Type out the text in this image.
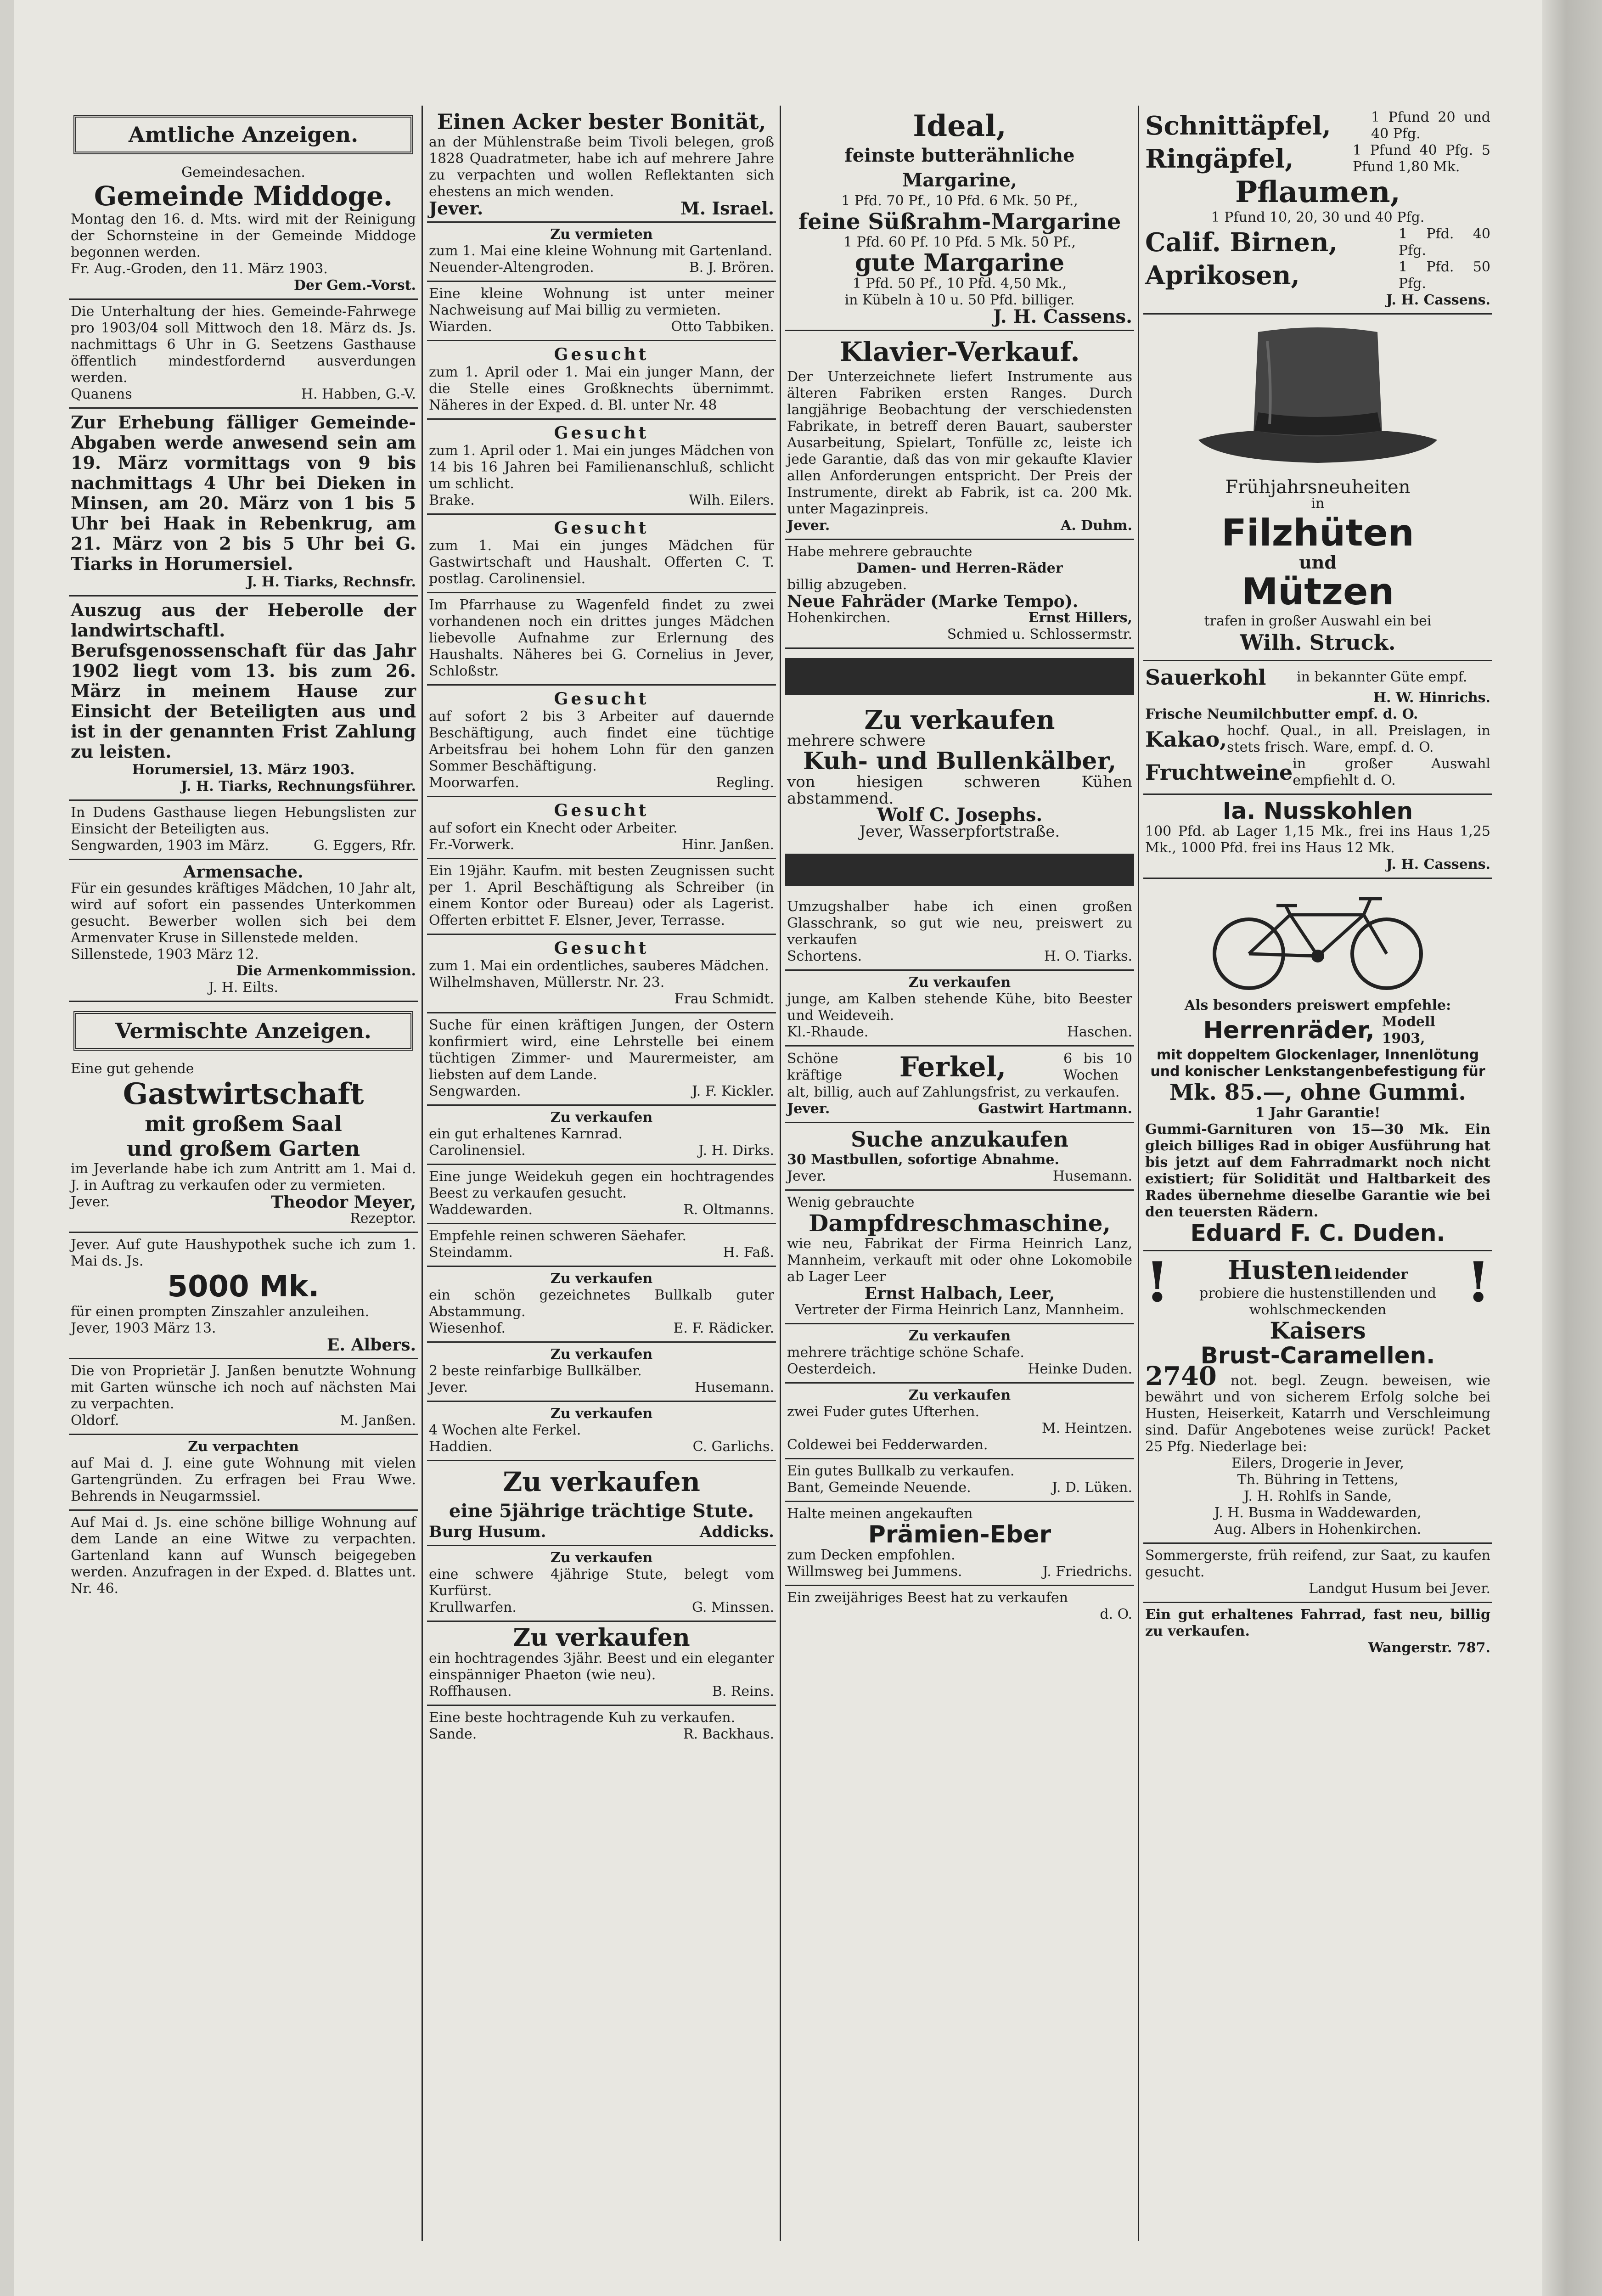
Amtliche Anzeigen.
Gemeindesachen.
Gemeinde Middoge.
Montag den 16. d. Mts. wird mit der Reinigung der Schornsteine in der Gemeinde Middoge begonnen werden.
Fr. Aug.-Groden, den 11. März 1903.
Der Gem.-Vorst.
Die Unterhaltung der hies. Gemeinde-Fahrwege pro 1903/04 soll Mittwoch den 18. März ds. Js. nachmittags 6 Uhr in G. Seetzens Gasthause öffentlich mindestfordernd ausverdungen werden.
Quanens	H. Habben, G.-V.
Zur Erhebung fälliger Gemeinde-Abgaben werde anwesend sein am 19. März vormittags von 9 bis nachmittags 4 Uhr bei Dieken in Minsen, am 20. März von 1 bis 5 Uhr bei Haak in Rebenkrug, am 21. März von 2 bis 5 Uhr bei G. Tiarks in Horumersiel.
J. H. Tiarks, Rechnsfr.
Auszug aus der Heberolle der landwirtschaftl. Berufsgenossenschaft für das Jahr 1902 liegt vom 13. bis zum 26. März in meinem Hause zur Einsicht der Beteiligten aus und ist in der genannten Frist Zahlung zu leisten.
Horumersiel, 13. März 1903.
J. H. Tiarks, Rechnungsführer.
In Dudens Gasthause liegen Hebungslisten zur Einsicht der Beteiligten aus.
Sengwarden, 1903 im März.	G. Eggers, Rfr.
Armensache.
Für ein gesundes kräftiges Mädchen, 10 Jahr alt, wird auf sofort ein passendes Unterkommen gesucht. Bewerber wollen sich bei dem Armenvater Kruse in Sillenstede melden.
Sillenstede, 1903 März 12.
Die Armenkommission.
J. H. Eilts.
Vermischte Anzeigen.
Eine gut gehende
Gastwirtschaft
mit großem Saal
und großem Garten
im Jeverlande habe ich zum Antritt am 1. Mai d. J. in Auftrag zu verkaufen oder zu vermieten.
Jever.	Theodor Meyer,
Rezeptor.
Jever. Auf gute Haushypothek suche ich zum 1. Mai ds. Js.
5000 Mk.
für einen prompten Zinszahler anzuleihen.
Jever, 1903 März 13.
E. Albers.
Die von Proprietär J. Janßen benutzte Wohnung mit Garten wünsche ich noch auf nächsten Mai zu verpachten.
Oldorf.	M. Janßen.
Zu verpachten
auf Mai d. J. eine gute Wohnung mit vielen Gartengründen. Zu erfragen bei Frau Wwe. Behrends in Neugarmssiel.
Auf Mai d. Js. eine schöne billige Wohnung auf dem Lande an eine Witwe zu verpachten. Gartenland kann auf Wunsch beigegeben werden. Anzufragen in der Exped. d. Blattes unt. Nr. 46.
Einen Acker bester Bonität,
an der Mühlenstraße beim Tivoli belegen, groß 1828 Quadratmeter, habe ich auf mehrere Jahre zu verpachten und wollen Reflektanten sich ehestens an mich wenden.
Jever.	M. Israel.
Zu vermieten
zum 1. Mai eine kleine Wohnung mit Gartenland.
Neuender-Altengroden.	B. J. Brören.
Eine kleine Wohnung ist unter meiner Nachweisung auf Mai billig zu vermieten.
Wiarden.	Otto Tabbiken.
Gesucht
zum 1. April oder 1. Mai ein junger Mann, der die Stelle eines Großknechts übernimmt. Näheres in der Exped. d. Bl. unter Nr. 48
Gesucht
zum 1. April oder 1. Mai ein junges Mädchen von 14 bis 16 Jahren bei Familienanschluß, schlicht um schlicht.
Brake.	Wilh. Eilers.
Gesucht
zum 1. Mai ein junges Mädchen für Gastwirtschaft und Haushalt. Offerten C. T. postlag. Carolinensiel.
Im Pfarrhause zu Wagenfeld findet zu zwei vorhandenen noch ein drittes junges Mädchen liebevolle Aufnahme zur Erlernung des Haushalts. Näheres bei G. Cornelius in Jever, Schloßstr.
Gesucht
auf sofort 2 bis 3 Arbeiter auf dauernde Beschäftigung, auch findet eine tüchtige Arbeitsfrau bei hohem Lohn für den ganzen Sommer Beschäftigung.
Moorwarfen.	Regling.
Gesucht
auf sofort ein Knecht oder Arbeiter.
Fr.-Vorwerk.	Hinr. Janßen.
Ein 19jähr. Kaufm. mit besten Zeugnissen sucht per 1. April Beschäftigung als Schreiber (in einem Kontor oder Bureau) oder als Lagerist. Offerten erbittet F. Elsner, Jever, Terrasse.
Gesucht
zum 1. Mai ein ordentliches, sauberes Mädchen.
Wilhelmshaven, Müllerstr. Nr. 23.
Frau Schmidt.
Suche für einen kräftigen Jungen, der Ostern konfirmiert wird, eine Lehrstelle bei einem tüchtigen Zimmer- und Maurermeister, am liebsten auf dem Lande.
Sengwarden.	J. F. Kickler.
Zu verkaufen
ein gut erhaltenes Karnrad.
Carolinensiel.	J. H. Dirks.
Eine junge Weidekuh gegen ein hochtragendes Beest zu verkaufen gesucht.
Waddewarden.	R. Oltmanns.
Empfehle reinen schweren Säehafer.
Steindamm.	H. Faß.
Zu verkaufen
ein schön gezeichnetes Bullkalb guter Abstammung.
Wiesenhof.	E. F. Rädicker.
Zu verkaufen
2 beste reinfarbige Bullkälber.
Jever.	Husemann.
Zu verkaufen
4 Wochen alte Ferkel.
Haddien.	C. Garlichs.
Zu verkaufen
eine 5jährige trächtige Stute.
Burg Husum.	Addicks.
Zu verkaufen
eine schwere 4jährige Stute, belegt vom Kurfürst.
Krullwarfen.	G. Minssen.
Zu verkaufen
ein hochtragendes 3jähr. Beest und ein eleganter einspänniger Phaeton (wie neu).
Roffhausen.	B. Reins.
Eine beste hochtragende Kuh zu verkaufen.
Sande.	R. Backhaus.
Ideal,
feinste butterähnliche Margarine,
1 Pfd. 70 Pf., 10 Pfd. 6 Mk. 50 Pf.,
feine Süßrahm-Margarine
1 Pfd. 60 Pf. 10 Pfd. 5 Mk. 50 Pf.,
gute Margarine
1 Pfd. 50 Pf., 10 Pfd. 4,50 Mk.,
in Kübeln à 10 u. 50 Pfd. billiger.
J. H. Cassens.
Klavier-Verkauf.
Der Unterzeichnete liefert Instrumente aus älteren Fabriken ersten Ranges. Durch langjährige Beobachtung der verschiedensten Fabrikate, in betreff deren Bauart, sauberster Ausarbeitung, Spielart, Tonfülle zc, leiste ich jede Garantie, daß das von mir gekaufte Klavier allen Anforderungen entspricht. Der Preis der Instrumente, direkt ab Fabrik, ist ca. 200 Mk. unter Magazinpreis.
Jever.	A. Duhm.
Habe mehrere gebrauchte
Damen- und Herren-Räder
billig abzugeben.
Neue Fahräder (Marke Tempo).
Hohenkirchen.	Ernst Hillers,
Schmied u. Schlossermstr.
Zu verkaufen
mehrere schwere
Kuh- und Bullenkälber,
von hiesigen schweren Kühen abstammend.
Wolf C. Josephs.
Jever, Wasserpfortstraße.
Umzugshalber habe ich einen großen Glasschrank, so gut wie neu, preiswert zu verkaufen
Schortens.	H. O. Tiarks.
Zu verkaufen
junge, am Kalben stehende Kühe, bito Beester und Weideveih.
Kl.-Rhaude.	Haschen.
Schöne kräftige Ferkel,	6 bis 10 Wochen
alt, billig, auch auf Zahlungsfrist, zu verkaufen.
Jever.	Gastwirt Hartmann.
Suche anzukaufen
30 Mastbullen, sofortige Abnahme.
Jever.	Husemann.
Wenig gebrauchte
Dampfdreschmaschine,
wie neu, Fabrikat der Firma Heinrich Lanz, Mannheim, verkauft mit oder ohne Lokomobile ab Lager Leer
Ernst Halbach, Leer,
Vertreter der Firma Heinrich Lanz, Mannheim.
Zu verkaufen
mehrere trächtige schöne Schafe.
Oesterdeich.	Heinke Duden.
Zu verkaufen
zwei Fuder gutes Ufterhen.
M. Heintzen.
Coldewei bei Fedderwarden.
Ein gutes Bullkalb zu verkaufen.
Bant, Gemeinde Neuende.	J. D. Lüken.
Halte meinen angekauften
Prämien-Eber
zum Decken empfohlen.
Willmsweg bei Jummens.	J. Friedrichs.
Ein zweijähriges Beest hat zu verkaufen
d. O.
Schnittäpfel,	1 Pfund 20 und 40 Pfg.
Ringäpfel,	1 Pfund 40 Pfg. 5 Pfund 1,80 Mk.
Pflaumen,
1 Pfund 10, 20, 30 und 40 Pfg.
Calif. Birnen,	1 Pfd. 40 Pfg.
Aprikosen,	1 Pfd. 50 Pfg.
J. H. Cassens.
Frühjahrsneuheiten
in
Filzhüten
und
Mützen
trafen in großer Auswahl ein bei
Wilh. Struck.
Sauerkohl	in bekannter Güte empf.
H. W. Hinrichs.
Frische Neumilchbutter empf. d. O.
Kakao, hochf. Qual., in all. Preislagen, in stets frisch. Ware, empf. d. O.
Fruchtweine in großer Auswahl empfiehlt d. O.
Ia. Nusskohlen
100 Pfd. ab Lager 1,15 Mk., frei ins Haus 1,25 Mk., 1000 Pfd. frei ins Haus 12 Mk.
J. H. Cassens.
Als besonders preiswert empfehle:
Herrenräder, Modell 1903,
mit doppeltem Glockenlager, Innenlötung und konischer Lenkstangenbefestigung für
Mk. 85.—, ohne Gummi.
1 Jahr Garantie!
Gummi-Garnituren von 15—30 Mk. Ein gleich billiges Rad in obiger Ausführung hat bis jetzt auf dem Fahrradmarkt noch nicht existiert; für Solidität und Haltbarkeit des Rades übernehme dieselbe Garantie wie bei den teuersten Rädern.
Eduard F. C. Duden.
!	Husten leidender
probiere die hustenstillenden und wohlschmeckenden
Kaisers
!
Brust-Caramellen.
2740 not. begl. Zeugn. beweisen, wie bewährt und von sicherem Erfolg solche bei Husten, Heiserkeit, Katarrh und Verschleimung sind. Dafür Angebotenes weise zurück! Packet 25 Pfg. Niederlage bei:
Eilers, Drogerie in Jever,
Th. Bühring in Tettens,
J. H. Rohlfs in Sande,
J. H. Busma in Waddewarden,
Aug. Albers in Hohenkirchen.
Sommergerste, früh reifend, zur Saat, zu kaufen gesucht.
Landgut Husum bei Jever.
Ein gut erhaltenes Fahrrad, fast neu, billig zu verkaufen.
Wangerstr. 787.
